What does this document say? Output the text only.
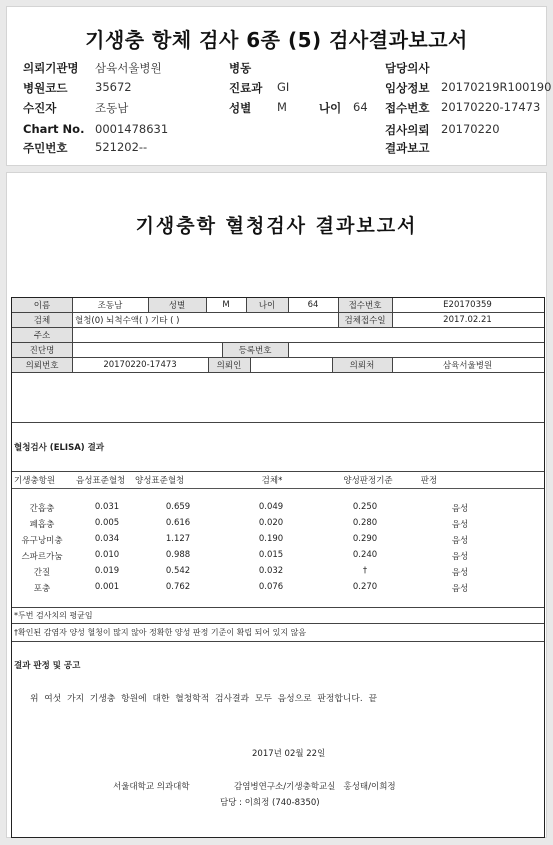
기생충 항체 검사 6종 (5) 검사결과보고서
의뢰기관명 삼육서울병원	병동	담당의사
병원코드 35672	진료과 GI	임상정보 20170219R100190
수진자	조동남	성별 M	나이 64 접수번호 20170220-17473
Chart No. 0001478631	검사의뢰 20170220
주민번호 521202--	결과보고
기생충학 혈청검사 결과보고서
이름	조동남	성별	M	나이	64	접수번호	E20170359
검체	혈청(0) 뇌척수액( ) 기타 ( )	검체접수일	2017.02.21
주소
진단명	등록번호
의뢰번호	20170220-17473	의뢰인	의뢰처	삼육서울병원
혈청검사 (ELISA) 결과
기생충항원 음성표준혈청 양성표준혈청	검체*	양성판정기준	판정
간흡충	0.031	0.659	0.049	0.250	음성
폐흡충	0.005	0.616	0.020	0.280	음성
유구낭미충	0.034	1.127	0.190	0.290	음성
스파르가눔	0.010	0.988	0.015	0.240	음성
간질	0.019	0.542	0.032	†	음성
포충	0.001	0.762	0.076	0.270	음성
*두번 검사치의 평균임
†확인된 감염자 양성 혈청이 많지 않아 정확한 양성 판정 기준이 확립 되어 있지 않음
결과 판정 및 공고
위 여섯 가지 기생충 항원에 대한 혈청학적 검사결과 모두 음성으로 판정합니다. 끝
2017년 02월 22일
서울대학교 의과대학	감염병연구소/기생충학교실   홍성태/이희정
담당 : 이희정 (740-8350)
